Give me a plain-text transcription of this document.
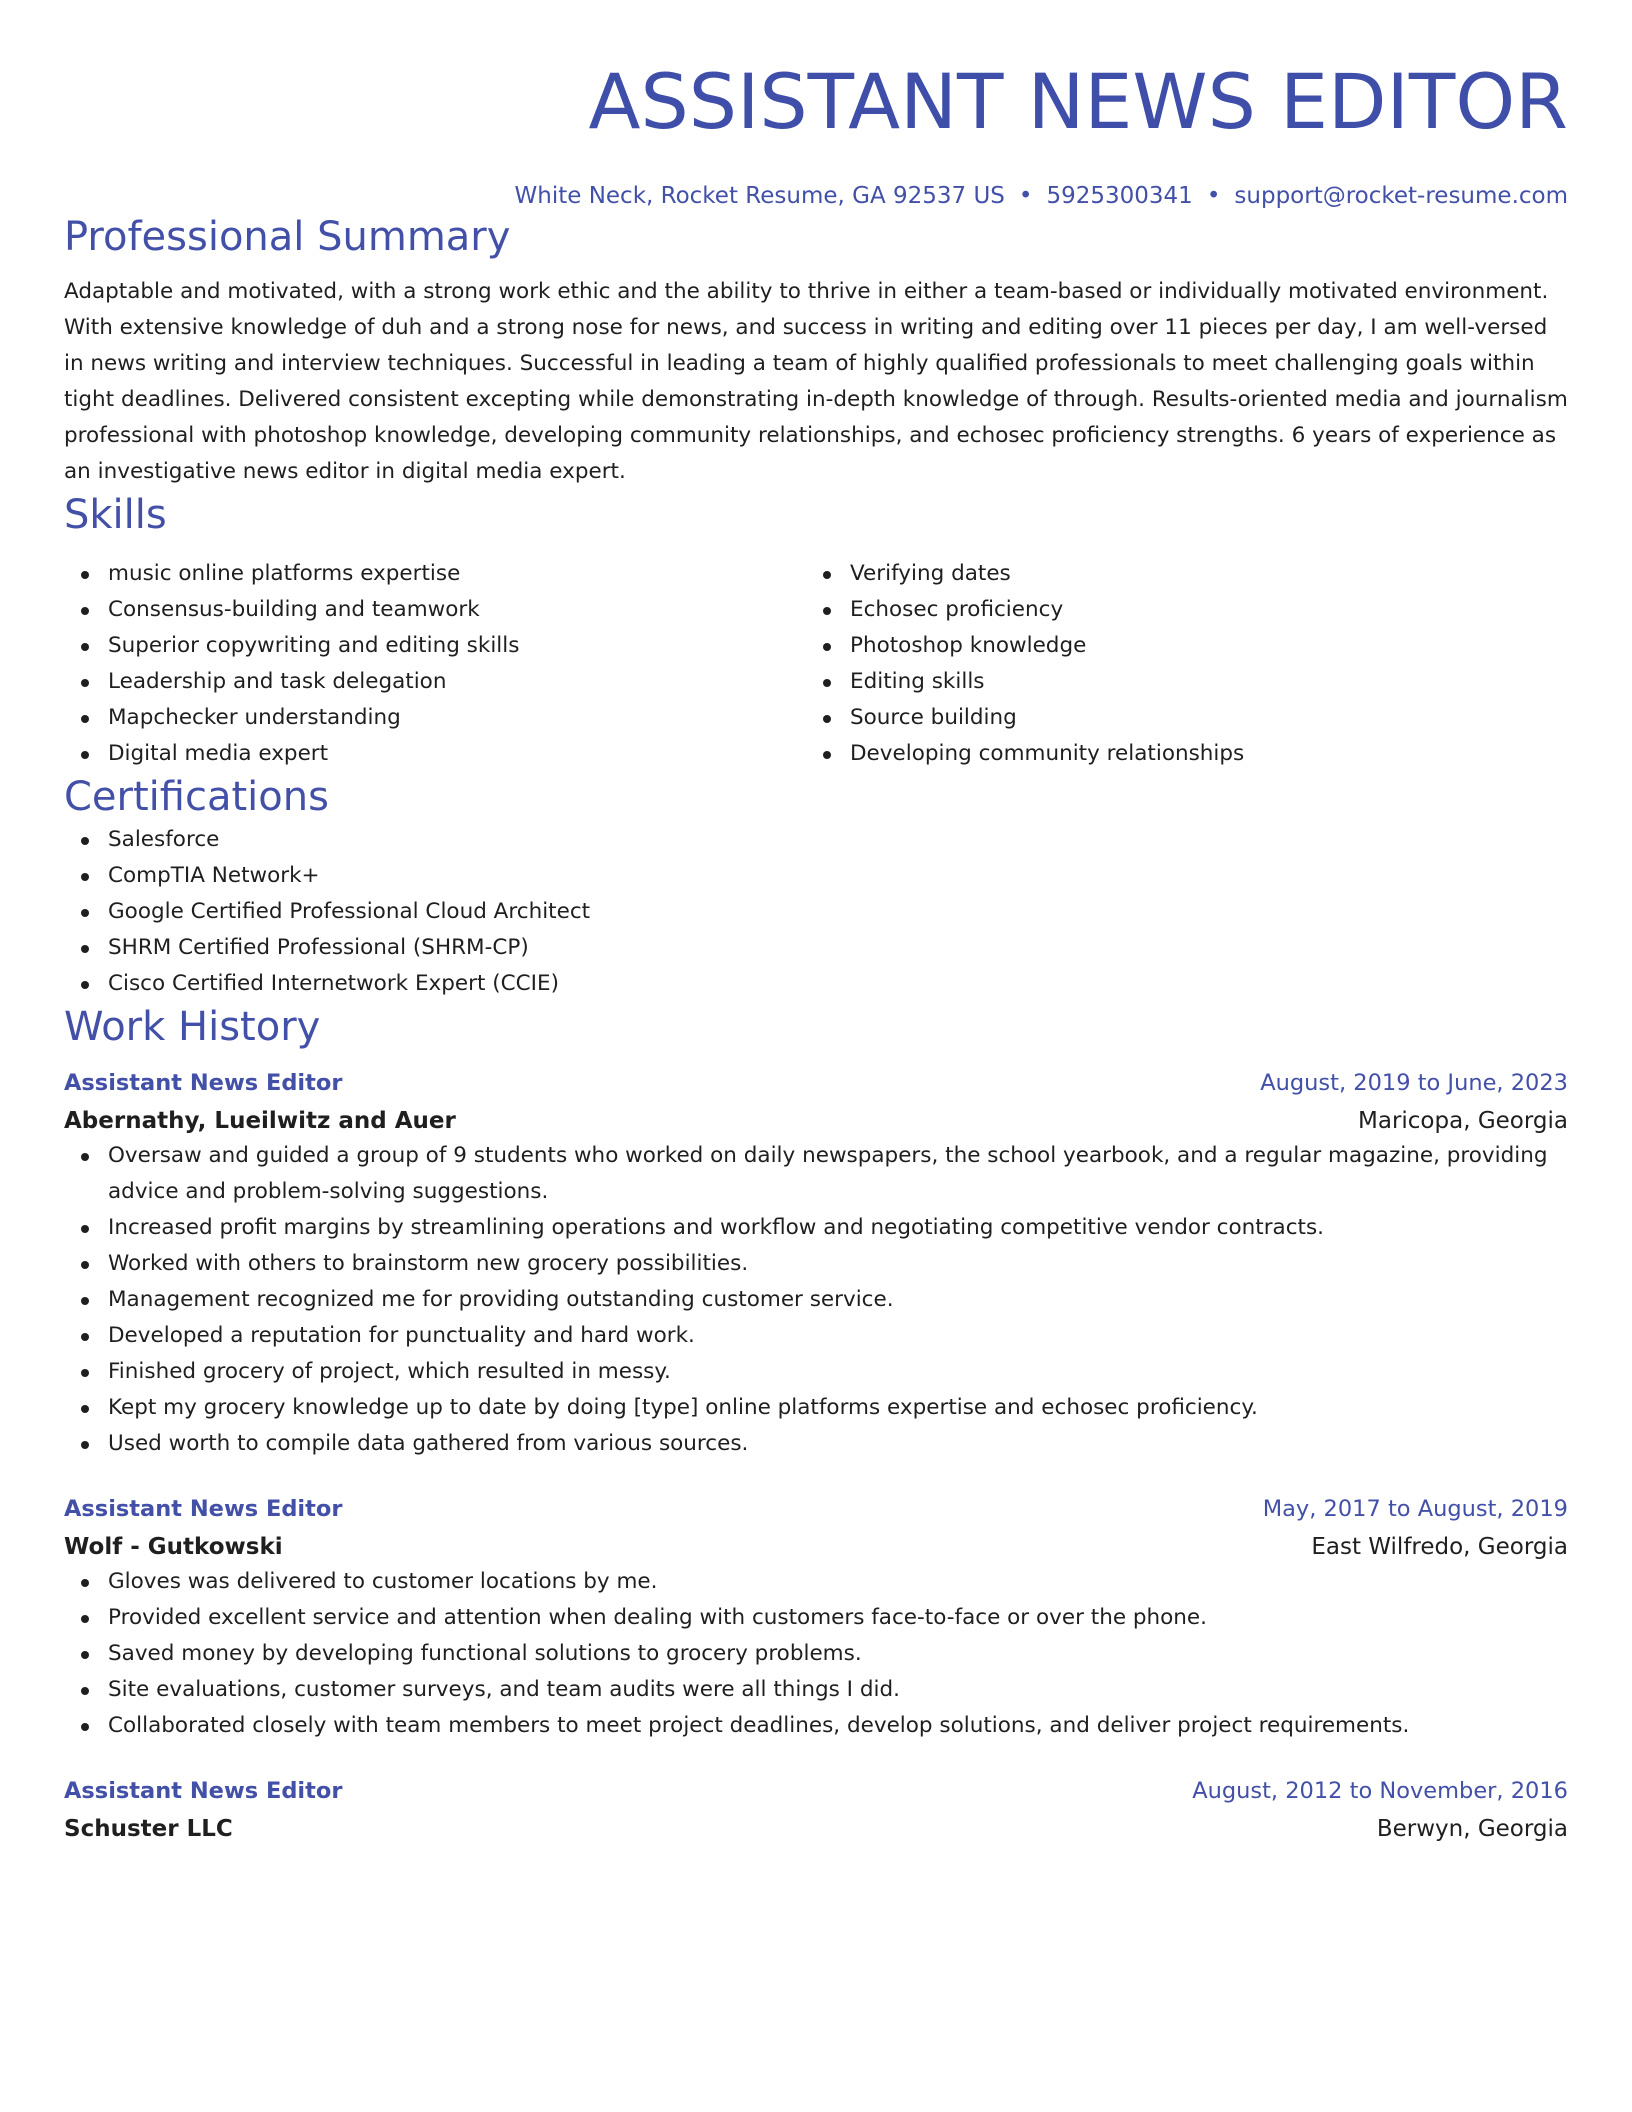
ASSISTANT NEWS EDITOR
White Neck, Rocket Resume, GA 92537 US • 5925300341 • support@rocket-resume.com
Professional Summary

Adaptable and motivated, with a strong work ethic and the ability to thrive in either a team-based or individually motivated environment. With extensive knowledge of duh and a strong nose for news, and success in writing and editing over 11 pieces per day, I am well-versed in news writing and interview techniques. Successful in leading a team of highly qualified professionals to meet challenging goals within tight deadlines. Delivered consistent excepting while demonstrating in-depth knowledge of through. Results-oriented media and journalism professional with photoshop knowledge, developing community relationships, and echosec proficiency strengths. 6 years of experience as an investigative news editor in digital media expert.

Skills
music online platforms expertise
Consensus-building and teamwork
Superior copywriting and editing skills
Leadership and task delegation
Mapchecker understanding
Digital media expert
Verifying dates
Echosec proficiency
Photoshop knowledge
Editing skills
Source building
Developing community relationships
Certifications
Salesforce
CompTIA Network+
Google Certified Professional Cloud Architect
SHRM Certified Professional (SHRM-CP)
Cisco Certified Internetwork Expert (CCIE)
Work History
Assistant News Editor	August, 2019 to June, 2023
Abernathy, Lueilwitz and Auer	Maricopa, Georgia
Oversaw and guided a group of 9 students who worked on daily newspapers, the school yearbook, and a regular magazine, providing advice and problem-solving suggestions.
Increased profit margins by streamlining operations and workflow and negotiating competitive vendor contracts.
Worked with others to brainstorm new grocery possibilities.
Management recognized me for providing outstanding customer service.
Developed a reputation for punctuality and hard work.
Finished grocery of project, which resulted in messy.
Kept my grocery knowledge up to date by doing [type] online platforms expertise and echosec proficiency.
Used worth to compile data gathered from various sources.
Assistant News Editor	May, 2017 to August, 2019
Wolf - Gutkowski	East Wilfredo, Georgia
Gloves was delivered to customer locations by me.
Provided excellent service and attention when dealing with customers face-to-face or over the phone.
Saved money by developing functional solutions to grocery problems.
Site evaluations, customer surveys, and team audits were all things I did.
Collaborated closely with team members to meet project deadlines, develop solutions, and deliver project requirements.
Assistant News Editor	August, 2012 to November, 2016
Schuster LLC	Berwyn, Georgia
